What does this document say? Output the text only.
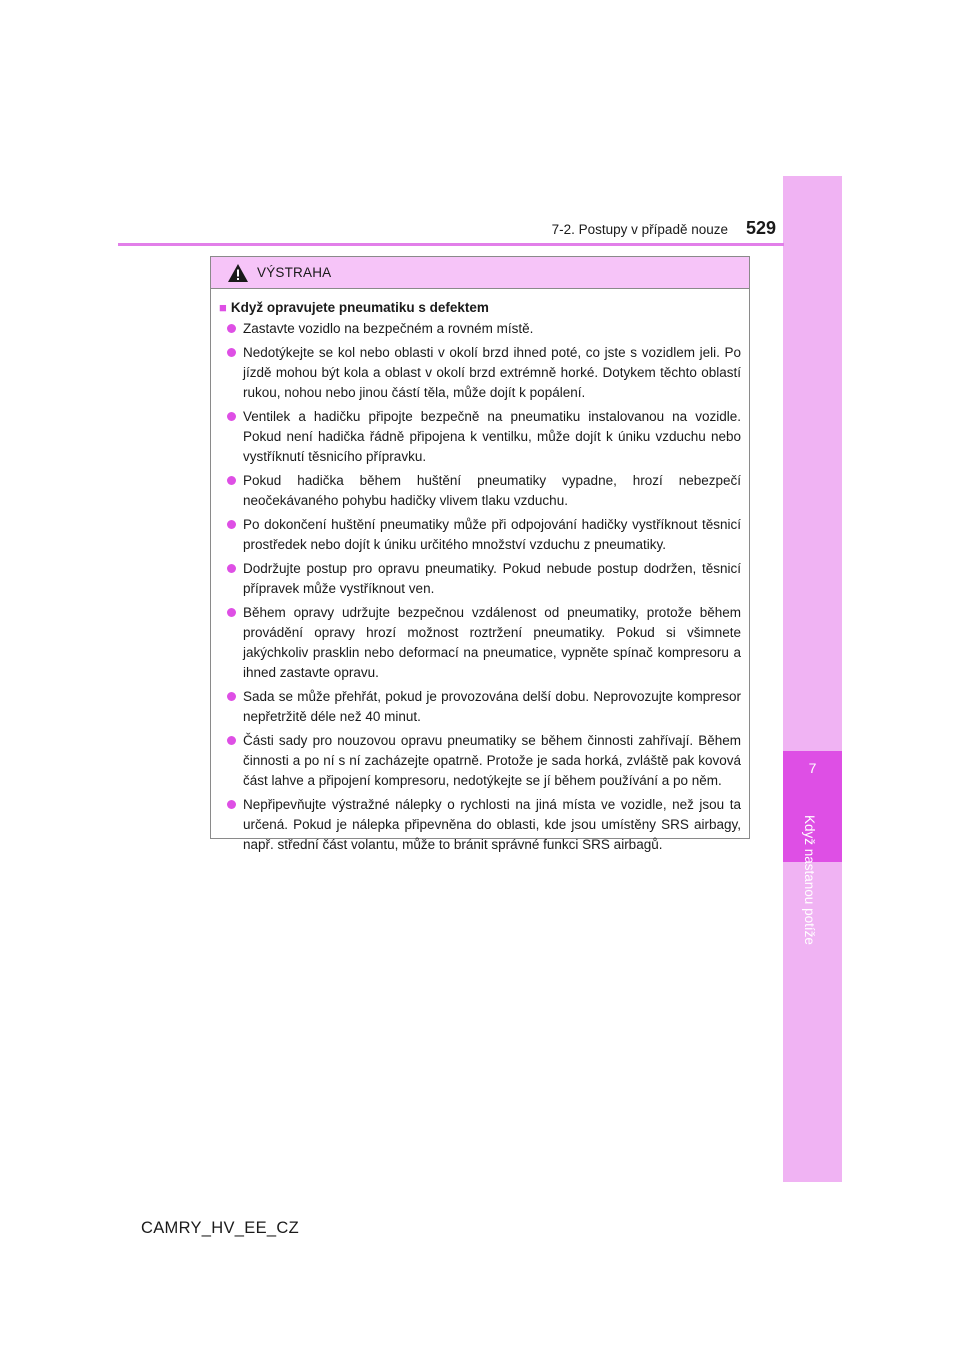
7
Když nastanou potíže
7-2. Postupy v případě nouze 529
VÝSTRAHA
■ Když opravujete pneumatiku s defektem
Zastavte vozidlo na bezpečném a rovném místě.
Nedotýkejte se kol nebo oblasti v okolí brzd ihned poté, co jste s vozidlem jeli. Po jízdě mohou být kola a oblast v okolí brzd extrémně horké. Dotykem těchto oblastí rukou, nohou nebo jinou částí těla, může dojít k popálení.
Ventilek a hadičku připojte bezpečně na pneumatiku instalovanou na vozidle. Pokud není hadička řádně připojena k ventilku, může dojít k úniku vzduchu nebo vystříknutí těsnicího přípravku.
Pokud hadička během huštění pneumatiky vypadne, hrozí nebezpečí neočekávaného pohybu hadičky vlivem tlaku vzduchu.
Po dokončení huštění pneumatiky může při odpojování hadičky vystříknout těsnicí prostředek nebo dojít k úniku určitého množství vzduchu z pneumatiky.
Dodržujte postup pro opravu pneumatiky. Pokud nebude postup dodržen, těsnicí přípravek může vystříknout ven.
Během opravy udržujte bezpečnou vzdálenost od pneumatiky, protože během provádění opravy hrozí možnost roztržení pneumatiky. Pokud si všimnete jakýchkoliv prasklin nebo deformací na pneumatice, vypněte spínač kompresoru a ihned zastavte opravu.
Sada se může přehřát, pokud je provozována delší dobu. Neprovozujte kompresor nepřetržitě déle než 40 minut.
Části sady pro nouzovou opravu pneumatiky se během činnosti zahřívají. Během činnosti a po ní s ní zacházejte opatrně. Protože je sada horká, zvláště pak kovová část lahve a připojení kompresoru, nedotýkejte se jí během používání a po něm.
Nepřipevňujte výstražné nálepky o rychlosti na jiná místa ve vozidle, než jsou ta určená. Pokud je nálepka připevněna do oblasti, kde jsou umístěny SRS airbagy, např. střední část volantu, může to bránit správné funkci SRS airbagů.
CAMRY_HV_EE_CZ
